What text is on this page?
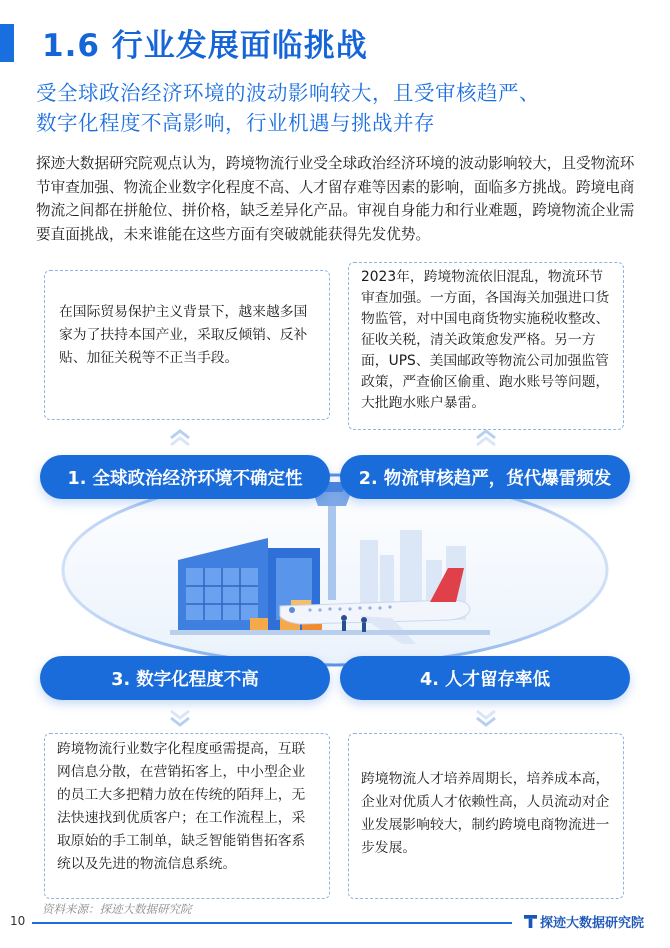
1.6 行业发展面临挑战
受全球政治经济环境的波动影响较大，且受审核趋严、
数字化程度不高影响，行业机遇与挑战并存
探迹大数据研究院观点认为，跨境物流行业受全球政治经济环境的波动影响较大，且受物流环节审查加强、物流企业数字化程度不高、人才留存难等因素的影响，面临多方挑战。跨境电商物流之间都在拼舱位、拼价格，缺乏差异化产品。审视自身能力和行业难题，跨境物流企业需要直面挑战，未来谁能在这些方面有突破就能获得先发优势。
在国际贸易保护主义背景下，越来越多国家为了扶持本国产业，采取反倾销、反补贴、加征关税等不正当手段。
2023年，跨境物流依旧混乱，物流环节审查加强。一方面，各国海关加强进口货物监管，对中国电商货物实施税收整改、征收关税，清关政策愈发严格。另一方面，UPS、美国邮政等物流公司加强监管政策，严查偷区偷重、跑水账号等问题，大批跑水账户暴雷。
1. 全球政治经济环境不确定性	2. 物流审核趋严，货代爆雷频发
3. 数字化程度不高	4. 人才留存率低
跨境物流行业数字化程度亟需提高，互联网信息分散，在营销拓客上，中小型企业的员工大多把精力放在传统的陌拜上，无法快速找到优质客户；在工作流程上，采取原始的手工制单，缺乏智能销售拓客系统以及先进的物流信息系统。
跨境物流人才培养周期长，培养成本高，企业对优质人才依赖性高，人员流动对企业发展影响较大，制约跨境电商物流进一步发展。
资料来源：探迹大数据研究院
10	探迹大数据研究院
